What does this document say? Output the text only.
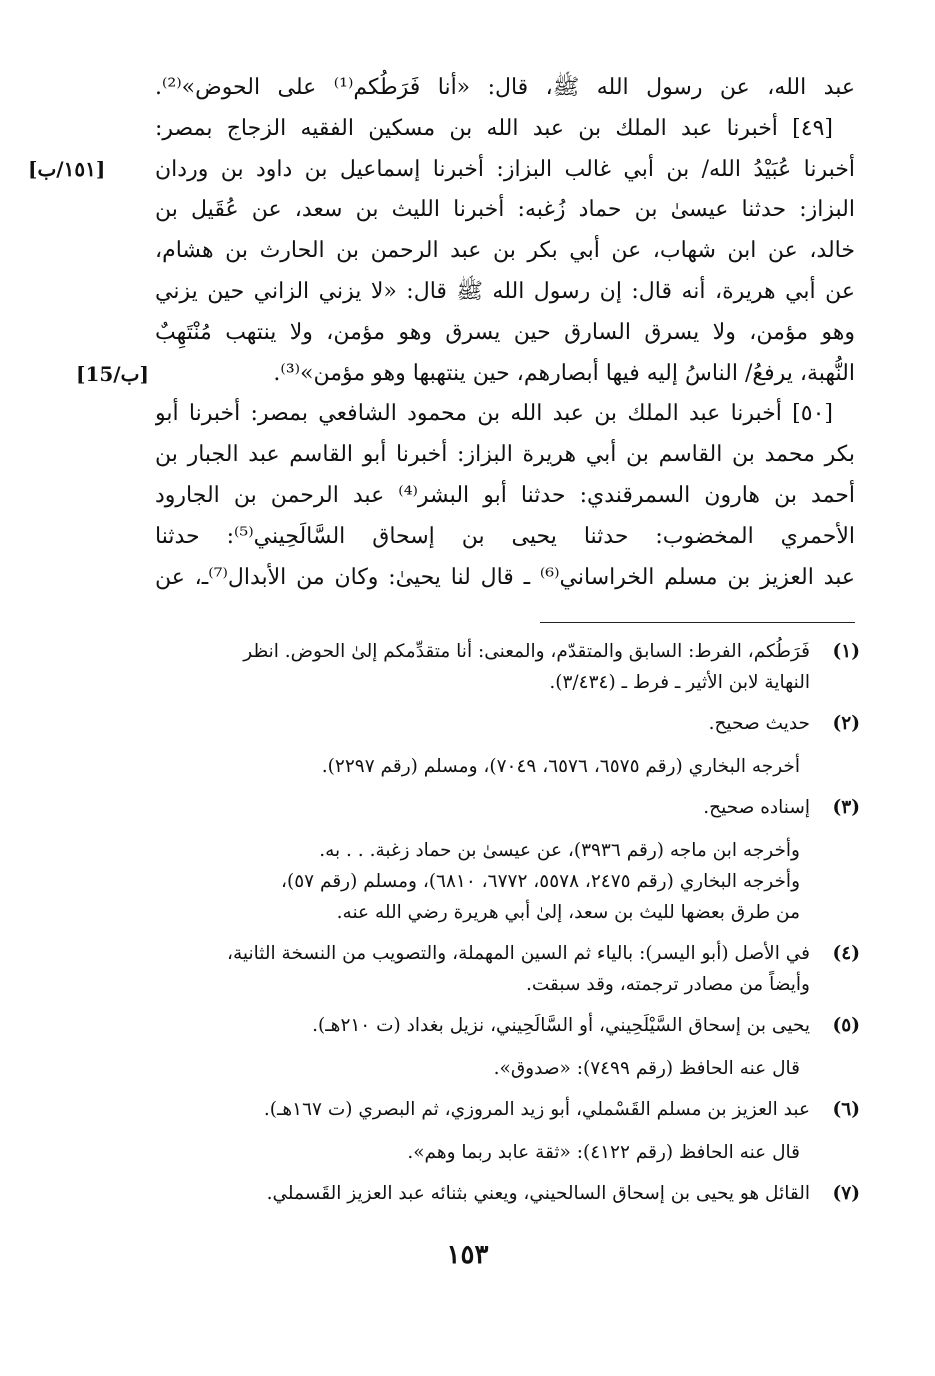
عبد الله، عن رسول الله ﷺ، قال: «أنا فَرَطُكم⁽¹⁾ على الحوض»⁽²⁾.
[٤٩] أخبرنا عبد الملك بن عبد الله بن مسكين الفقيه الزجاج بمصر:
أخبرنا عُبَيْدُ الله/ بن أبي غالب البزاز: أخبرنا إسماعيل بن داود بن وردان
البزاز: حدثنا عيسىٰ بن حماد زُغبه: أخبرنا الليث بن سعد، عن عُقَيل بن
خالد، عن ابن شهاب، عن أبي بكر بن عبد الرحمن بن الحارث بن هشام،
عن أبي هريرة، أنه قال: إن رسول الله ﷺ قال: «لا يزني الزاني حين يزني
وهو مؤمن، ولا يسرق السارق حين يسرق وهو مؤمن، ولا ينتهب مُنْتَهِبٌ
النُّهبة، يرفعُ/ الناسُ إليه فيها أبصارهم، حين ينتهبها وهو مؤمن»⁽³⁾.
[٥٠] أخبرنا عبد الملك بن عبد الله بن محمود الشافعي بمصر: أخبرنا أبو
بكر محمد بن القاسم بن أبي هريرة البزاز: أخبرنا أبو القاسم عبد الجبار بن
أحمد بن هارون السمرقندي: حدثنا أبو البشر⁽⁴⁾ عبد الرحمن بن الجارود
الأحمري المخضوب: حدثنا يحيى بن إسحاق السَّالَحِيني⁽⁵⁾: حدثنا
عبد العزيز بن مسلم الخراساني⁽⁶⁾ ـ قال لنا يحيىٰ: وكان من الأبدال⁽⁷⁾ـ، عن
[١٥١/ب]
[15/ب]
(١)
فَرَطُكم، الفرط: السابق والمتقدّم، والمعنى: أنا متقدِّمكم إلىٰ الحوض. انظر
النهاية لابن الأثير ـ فرط ـ (٣/٤٣٤).
(٢)
حديث صحيح.
أخرجه البخاري (رقم ٦٥٧٥، ٦٥٧٦، ٧٠٤٩)، ومسلم (رقم ٢٢٩٧).
(٣)
إسناده صحيح.
وأخرجه ابن ماجه (رقم ٣٩٣٦)، عن عيسىٰ بن حماد زغبة. . . به.
وأخرجه البخاري (رقم ٢٤٧٥، ٥٥٧٨، ٦٧٧٢، ٦٨١٠)، ومسلم (رقم ٥٧)،
من طرق بعضها لليث بن سعد، إلىٰ أبي هريرة رضي الله عنه.
(٤)
في الأصل (أبو اليسر): بالياء ثم السين المهملة، والتصويب من النسخة الثانية،
وأيضاً من مصادر ترجمته، وقد سبقت.
(٥)
يحيى بن إسحاق السَّيْلَحِيني، أو السَّالَحِيني، نزيل بغداد (ت ٢١٠هـ).
قال عنه الحافظ (رقم ٧٤٩٩): «صدوق».
(٦)
عبد العزيز بن مسلم القَسْملي، أبو زيد المروزي، ثم البصري (ت ١٦٧هـ).
قال عنه الحافظ (رقم ٤١٢٢): «ثقة عابد ربما وهم».
(٧)
القائل هو يحيى بن إسحاق السالحيني، ويعني بثنائه عبد العزيز القَسملي.
١٥٣
